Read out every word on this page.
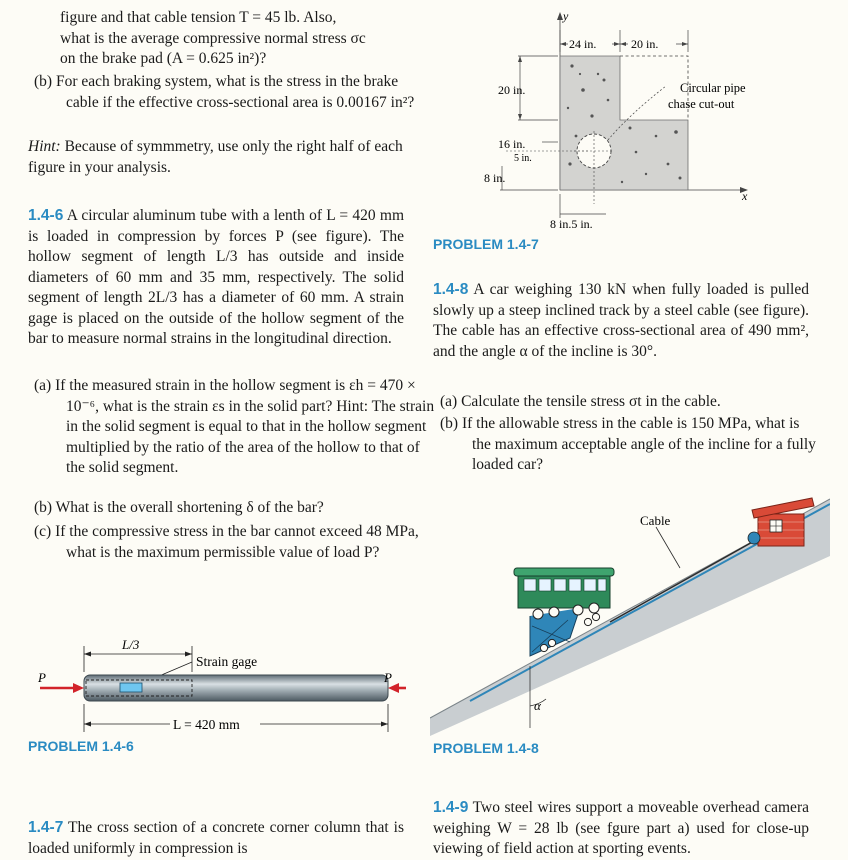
figure and that cable tension T = 45 lb. Also,
what is the average compressive normal stress σc
on the brake pad (A = 0.625 in²)?
(b) For each braking system, what is the stress in the brake cable if the effective cross-sectional area is 0.00167 in²?
Hint: Because of symmmetry, use only the right half of each figure in your analysis.
1.4-6 A circular aluminum tube with a lenth of L = 420 mm is loaded in compression by forces P (see figure). The hollow segment of length L/3 has outside and inside diameters of 60 mm and 35 mm, respectively. The solid segment of length 2L/3 has a diameter of 60 mm. A strain gage is placed on the outside of the hollow segment of the bar to measure normal strains in the longitudinal direction.
(a) If the measured strain in the hollow segment is εh = 470 × 10⁻⁶, what is the strain εs in the solid part? Hint: The strain in the solid segment is equal to that in the hollow segment multiplied by the ratio of the area of the hollow to that of the solid segment.
(b) What is the overall shortening δ of the bar?
(c) If the compressive stress in the bar cannot exceed 48 MPa, what is the maximum permissible value of load P?
L/3
Strain gage
P	P
L = 420 mm
PROBLEM 1.4-6
1.4-7 The cross section of a concrete corner column that is loaded uniformly in compression is
y
x
24 in.	20 in.
20 in.
16 in.
5 in.
8 in.
Circular pipe
chase cut-out
8 in.5 in.
PROBLEM 1.4-7
1.4-8 A car weighing 130 kN when fully loaded is pulled slowly up a steep inclined track by a steel cable (see figure). The cable has an effective cross-sectional area of 490 mm², and the angle α of the incline is 30°.
(a) Calculate the tensile stress σt in the cable.
(b) If the allowable stress in the cable is 150 MPa, what is the maximum acceptable angle of the incline for a fully loaded car?
Cable
α
PROBLEM 1.4-8
1.4-9 Two steel wires support a moveable overhead camera weighing W = 28 lb (see fgure part a) used for close-up viewing of field action at sporting events.
